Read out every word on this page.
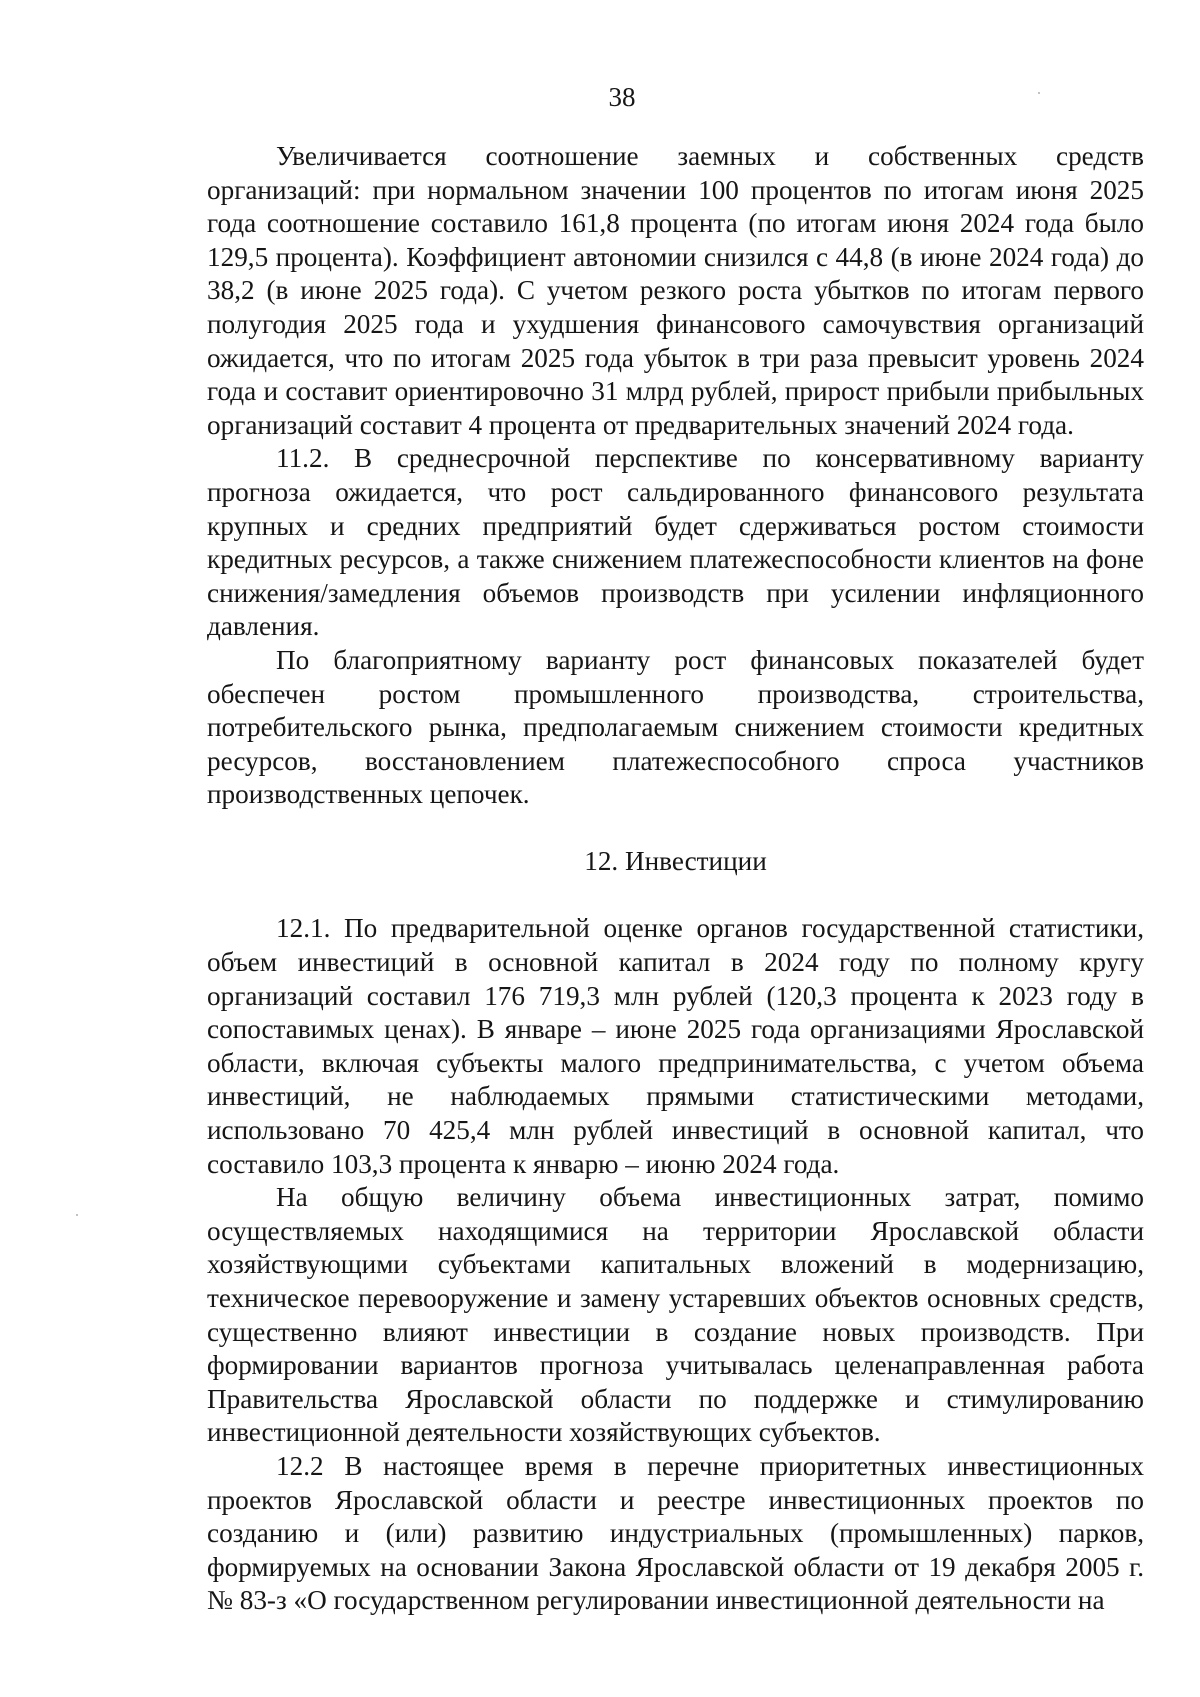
38

Увеличивается соотношение заемных и собственных средств организаций: при нормальном значении 100 процентов по итогам июня 2025 года соотношение составило 161,8 процента (по итогам июня 2024 года было 129,5 процента). Коэффициент автономии снизился с 44,8 (в июне 2024 года) до 38,2 (в июне 2025 года). С учетом резкого роста убытков по итогам первого полугодия 2025 года и ухудшения финансового самочувствия организаций ожидается, что по итогам 2025 года убыток в три раза превысит уровень 2024 года и составит ориентировочно 31 млрд рублей, прирост прибыли прибыльных организаций составит 4 процента от предварительных значений 2024 года.

11.2. В среднесрочной перспективе по консервативному варианту прогноза ожидается, что рост сальдированного финансового результата крупных и средних предприятий будет сдерживаться ростом стоимости кредитных ресурсов, а также снижением платежеспособности клиентов на фоне снижения/замедления объемов производств при усилении инфляционного давления.

По благоприятному варианту рост финансовых показателей будет обеспечен ростом промышленного производства, строительства, потребительского рынка, предполагаемым снижением стоимости кредитных ресурсов, восстановлением платежеспособного спроса участников производственных цепочек.

12. Инвестиции

12.1. По предварительной оценке органов государственной статистики, объем инвестиций в основной капитал в 2024 году по полному кругу организаций составил 176 719,3 млн рублей (120,3 процента к 2023 году в сопоставимых ценах). В январе – июне 2025 года организациями Ярославской области, включая субъекты малого предпринимательства, с учетом объема инвестиций, не наблюдаемых прямыми статистическими методами, использовано 70 425,4 млн рублей инвестиций в основной капитал, что составило 103,3 процента к январю – июню 2024 года.

На общую величину объема инвестиционных затрат, помимо осуществляемых находящимися на территории Ярославской области хозяйствующими субъектами капитальных вложений в модернизацию, техническое перевооружение и замену устаревших объектов основных средств, существенно влияют инвестиции в создание новых производств. При формировании вариантов прогноза учитывалась целенаправленная работа Правительства Ярославской области по поддержке и стимулированию инвестиционной деятельности хозяйствующих субъектов.

12.2 В настоящее время в перечне приоритетных инвестиционных проектов Ярославской области и реестре инвестиционных проектов по созданию и (или) развитию индустриальных (промышленных) парков, формируемых на основании Закона Ярославской области от 19 декабря 2005 г. № 83-з «О государственном регулировании инвестиционной деятельности на
